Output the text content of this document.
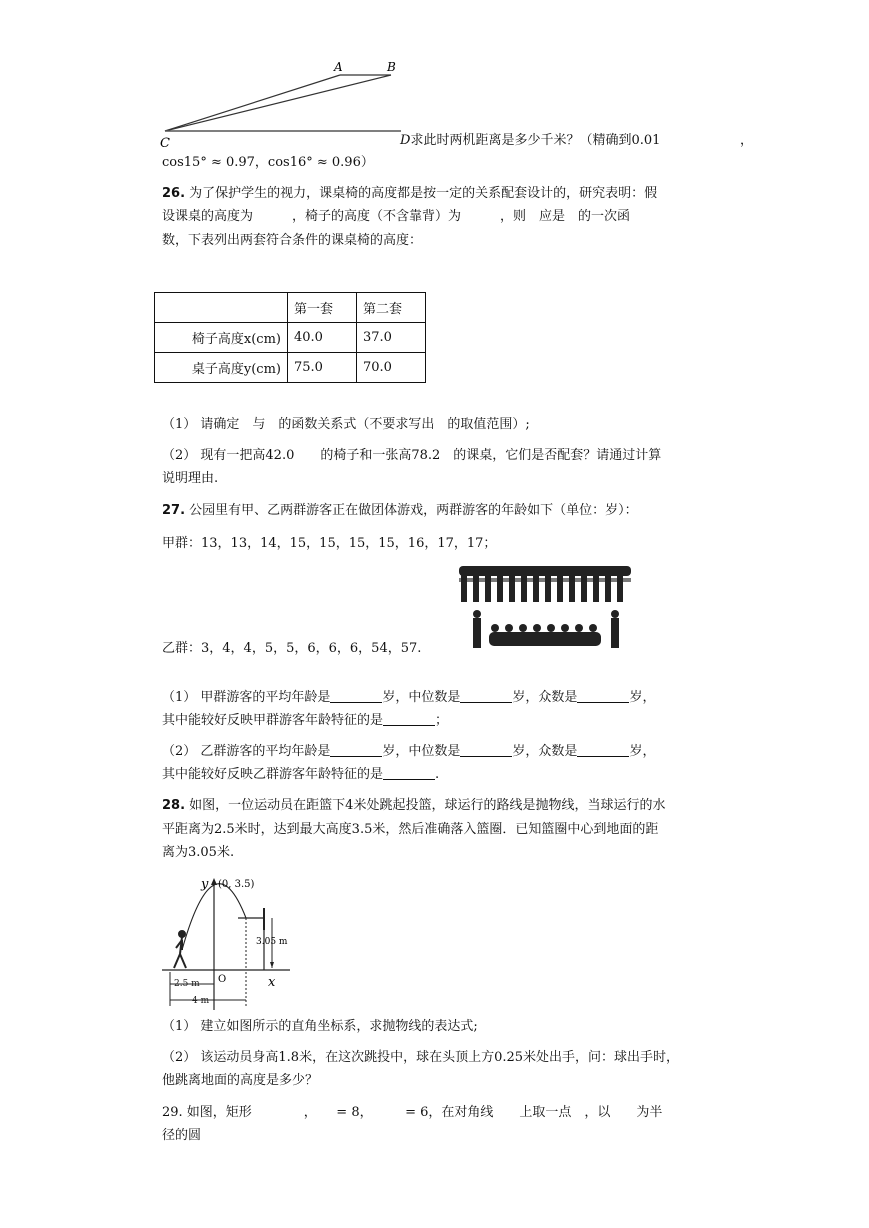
A	B
C	D求此时两机距离是多少千米？（精确到0.01	，
cos15° ≈ 0.97，cos16° ≈ 0.96）
26. 为了保护学生的视力，课桌椅的高度都是按一定的关系配套设计的，研究表明：假
设课桌的高度为　　　，椅子的高度（不含靠背）为　　　，则　应是　的一次函
数，下表列出两套符合条件的课桌椅的高度：
	第一套	第二套
椅子高度x(cm)	40.0	37.0
桌子高度y(cm)	75.0	70.0
（1） 请确定　与　的函数关系式（不要求写出　的取值范围）;
（2） 现有一把高42.0　　的椅子和一张高78.2　的课桌，它们是否配套？请通过计算
说明理由.
27. 公园里有甲、乙两群游客正在做团体游戏，两群游客的年龄如下（单位：岁）：
甲群：13，13，14，15，15，15，15，16，17，17；
乙群：3，4，4，5，5，6，6，6，54，57.
（1） 甲群游客的平均年龄是	岁，中位数是	岁，众数是	岁，
其中能较好反映甲群游客年龄特征的是	；
（2） 乙群游客的平均年龄是	岁，中位数是	岁，众数是	岁，
其中能较好反映乙群游客年龄特征的是	.
28. 如图，一位运动员在距篮下4米处跳起投篮，球运行的路线是抛物线，当球运行的水
平距离为2.5米时，达到最大高度3.5米，然后准确落入篮圈．已知篮圈中心到地面的距
离为3.05米.
3.05 m
2.5 m
4 m
y
x
(0, 3.5)
O
（1） 建立如图所示的直角坐标系，求抛物线的表达式;
（2） 该运动员身高1.8米，在这次跳投中，球在头顶上方0.25米处出手，问：球出手时，
他跳离地面的高度是多少？
29. 如图，矩形　　　　，　　= 8，　　　= 6，在对角线　　上取一点　，以　　为半
径的圆
